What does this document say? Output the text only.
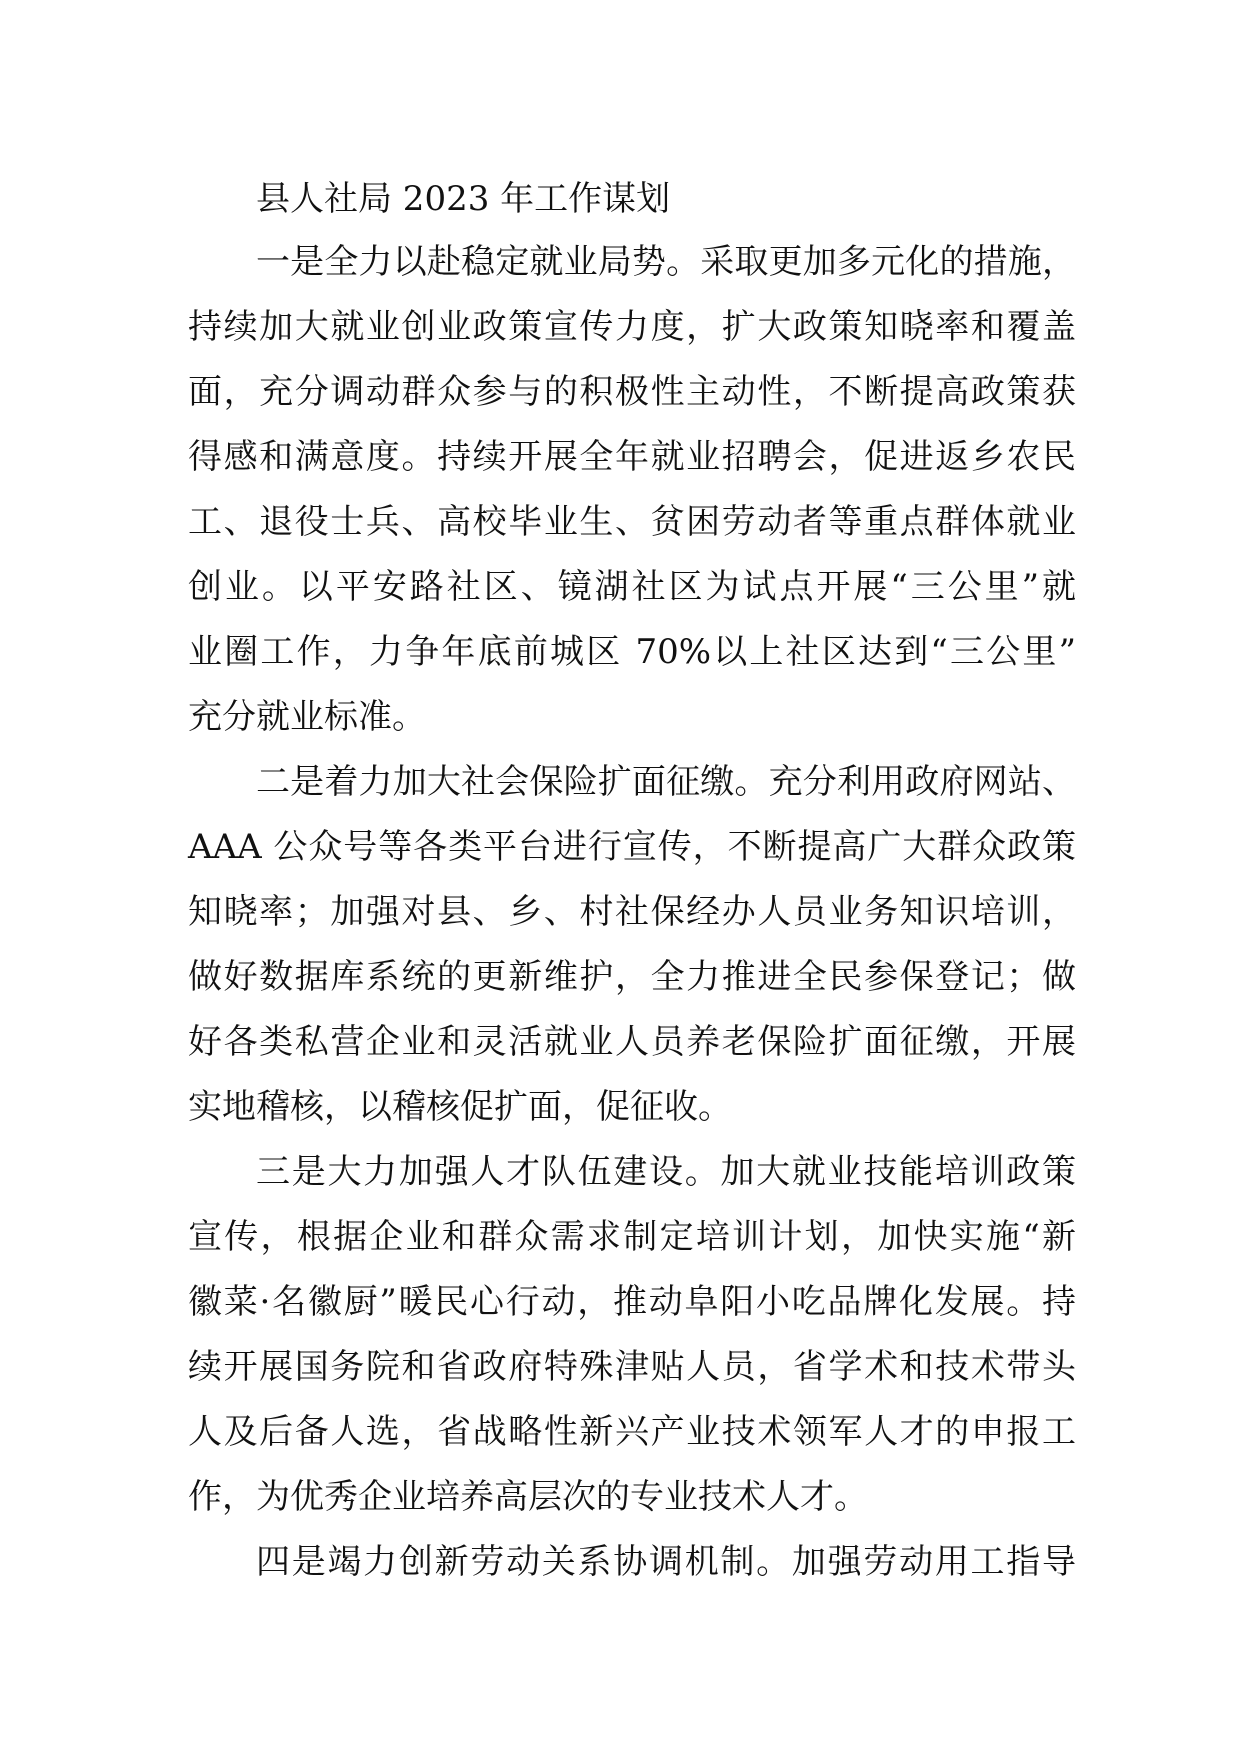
县人社局 2023 年工作谋划
一是全力以赴稳定就业局势。采取更加多元化的措施，
持续加大就业创业政策宣传力度，扩大政策知晓率和覆盖
面，充分调动群众参与的积极性主动性，不断提高政策获
得感和满意度。持续开展全年就业招聘会，促进返乡农民
工、退役士兵、高校毕业生、贫困劳动者等重点群体就业
创业。以平安路社区、镜湖社区为试点开展“三公里”就
业圈工作，力争年底前城区 70%以上社区达到“三公里”
充分就业标准。
二是着力加大社会保险扩面征缴。充分利用政府网站、
AAA 公众号等各类平台进行宣传，不断提高广大群众政策
知晓率；加强对县、乡、村社保经办人员业务知识培训，
做好数据库系统的更新维护，全力推进全民参保登记；做
好各类私营企业和灵活就业人员养老保险扩面征缴，开展
实地稽核，以稽核促扩面，促征收。
三是大力加强人才队伍建设。加大就业技能培训政策
宣传，根据企业和群众需求制定培训计划，加快实施“新
徽菜·名徽厨”暖民心行动，推动阜阳小吃品牌化发展。持
续开展国务院和省政府特殊津贴人员，省学术和技术带头
人及后备人选，省战略性新兴产业技术领军人才的申报工
作，为优秀企业培养高层次的专业技术人才。
四是竭力创新劳动关系协调机制。加强劳动用工指导
